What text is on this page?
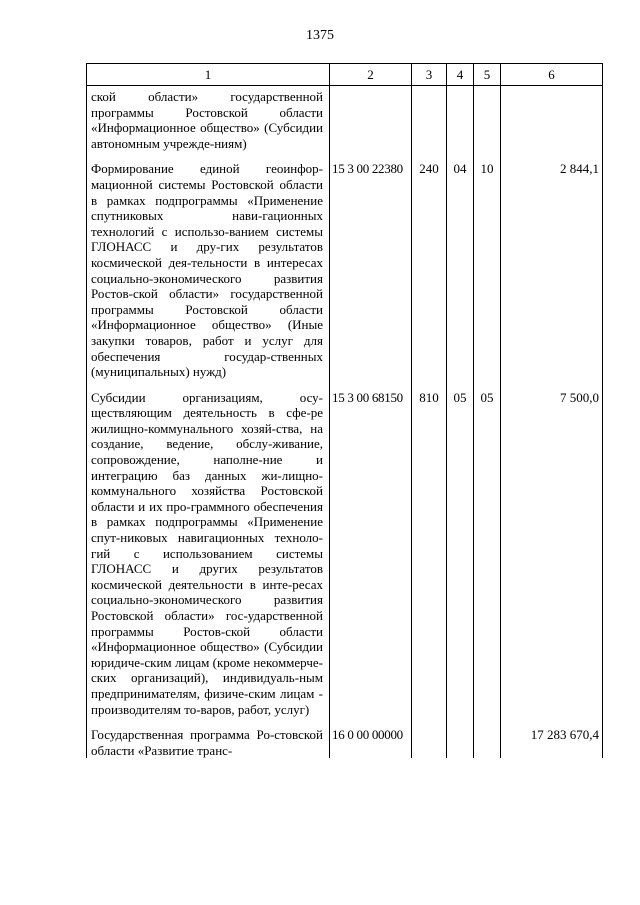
1375
1	2	3	4	5	6
ской области» государственной программы Ростовской области «Информационное общество» (Субсидии автономным учрежде-ниям)					
Формирование единой геоинфор-мационной системы Ростовской области в рамках подпрограммы «Применение спутниковых нави-гационных технологий с использо-ванием системы ГЛОНАСС и дру-гих результатов космической дея-тельности в интересах социально-экономического развития Ростов-ской области» государственной программы Ростовской области «Информационное общество» (Иные закупки товаров, работ и услуг для обеспечения государ-ственных (муниципальных) нужд)	15 3 00 22380	240	04	10	2 844,1
Субсидии организациям, осу-ществляющим деятельность в сфе-ре жилищно-коммунального хозяй-ства, на создание, ведение, обслу-живание, сопровождение, наполне-ние и интеграцию баз данных жи-лищно-коммунального хозяйства Ростовской области и их про-граммного обеспечения в рамках подпрограммы «Применение спут-никовых навигационных техноло-гий с использованием системы ГЛОНАСС и других результатов космической деятельности в инте-ресах социально-экономического развития Ростовской области» гос-ударственной программы Ростов-ской области «Информационное общество» (Субсидии юридиче-ским лицам (кроме некоммерче-ских организаций), индивидуаль-ным предпринимателям, физиче-ским лицам - производителям то-варов, работ, услуг)	15 3 00 68150	810	05	05	7 500,0
Государственная программа Ро-стовской области «Развитие транс-	16 0 00 00000				17 283 670,4
